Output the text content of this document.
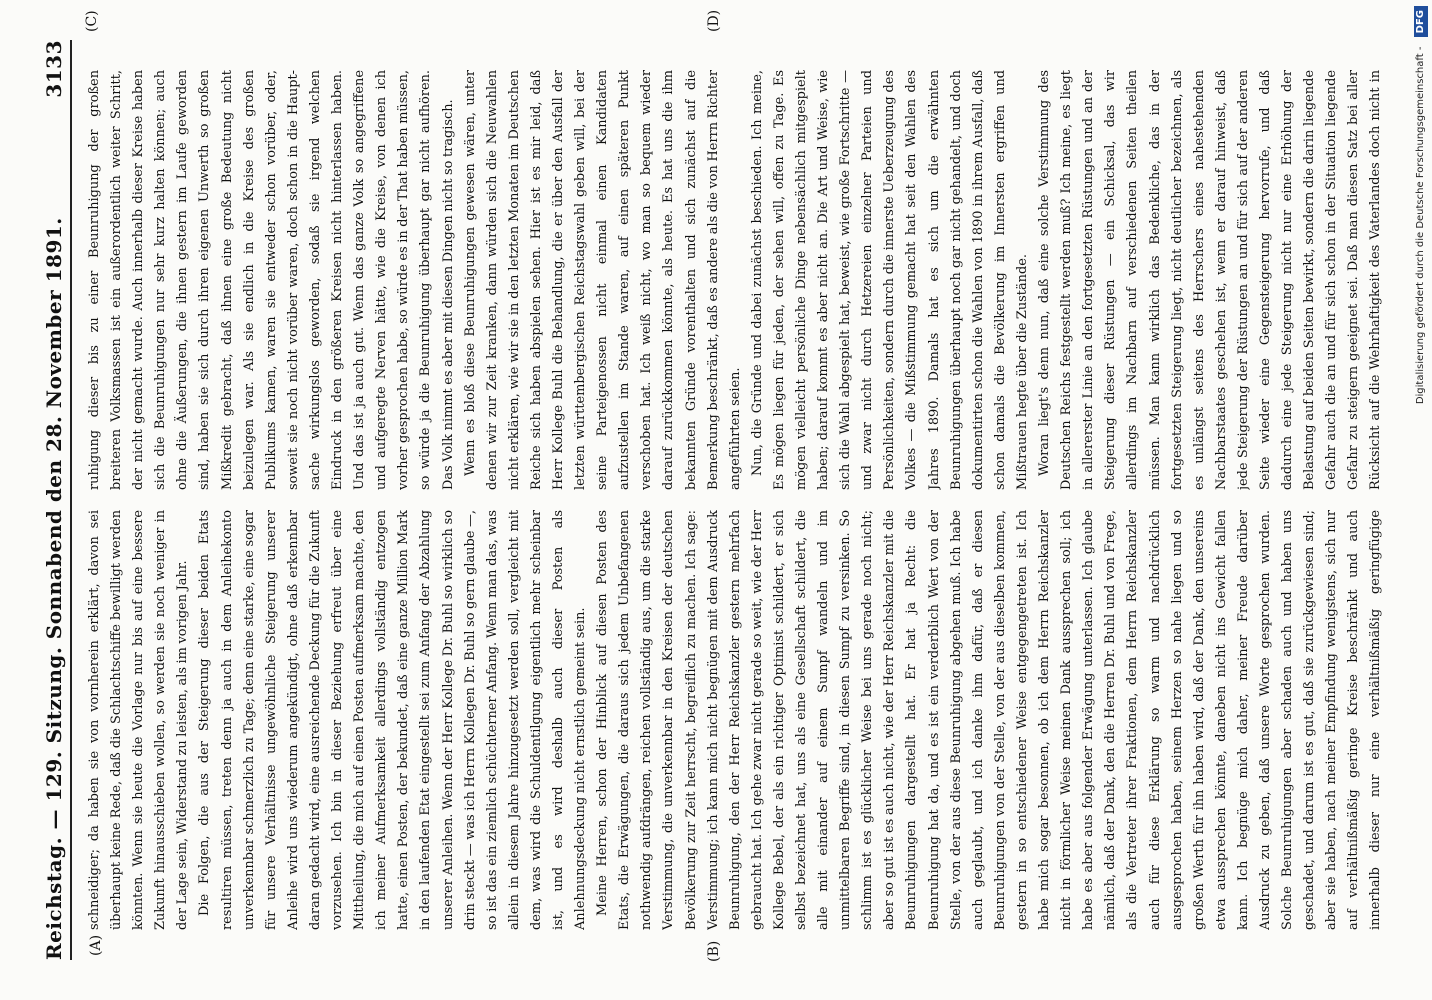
Reichstag. — 129. Sitzung. Sonnabend den 28. November 1891.
3133
(A)	(B)
(C)	(D)

schneidiger; da haben sie von vornherein erklärt, davon sei überhaupt keine Rede, daß die Schlachtschiffe bewilligt werden könnten. Wenn sie heute die Vorlage nur bis auf eine bessere Zukunft hinausschieben wollen, so werden sie noch weniger in der Lage sein, Widerstand zu leisten, als im vorigen Jahr. Die Folgen, die aus der Steigerung dieser beiden Etats resultiren müssen, treten denn ja auch in dem Anleihekonto unverkennbar schmerzlich zu Tage; denn eine starke, eine sogar für unsere Verhältnisse ungewöhnliche Steigerung unserer Anleihe wird uns wiederum angekündigt, ohne daß erkennbar daran gedacht wird, eine ausreichende Deckung für die Zukunft vorzusehen. Ich bin in dieser Beziehung erfreut über eine Mittheilung, die mich auf einen Posten aufmerksam machte, den ich meiner Aufmerksamkeit allerdings vollständig entzogen hatte, einen Posten, der bekundet, daß eine ganze Million Mark in den laufenden Etat eingestellt sei zum Anfang der Abzahlung unserer Anleihen. Wenn der Herr Kollege Dr. Buhl so wirklich so drin steckt — was ich Herrn Kollegen Dr. Buhl so gern glaube —, so ist das ein ziemlich schüchterner Anfang. Wenn man das, was allein in diesem Jahre hinzugesetzt werden soll, vergleicht mit dem, was wird die Schuldentilgung eigentlich mehr scheinbar ist, und es wird deshalb auch dieser Posten als Anlehnungsdeckung nicht ernstlich gemeint sein. Meine Herren, schon der Hinblick auf diesen Posten des Etats, die Erwägungen, die daraus sich jedem Unbefangenen nothwendig aufdrängen, reichen vollständig aus, um die starke Verstimmung, die unverkennbar in den Kreisen der deutschen Bevölkerung zur Zeit herrscht, begreiflich zu machen. Ich sage: Verstimmung; ich kann mich nicht begnügen mit dem Ausdruck Beunruhigung, den der Herr Reichskanzler gestern mehrfach gebraucht hat. Ich gehe zwar nicht gerade so weit, wie der Herr Kollege Bebel, der als ein richtiger Optimist schildert, er sich selbst bezeichnet hat, uns als eine Gesellschaft schildert, die alle mit einander auf einem Sumpf wandeln und im unmittelbaren Begriffe sind, in diesen Sumpf zu versinken. So schlimm ist es glücklicher Weise bei uns gerade noch nicht; aber so gut ist es auch nicht, wie der Herr Reichskanzler mit die Beunruhigungen dargestellt hat. Er hat ja Recht: die Beunruhigung hat da, und es ist ein verderblich Wert von der Stelle, von der aus diese Beunruhigung abgehen muß. Ich habe auch geglaubt, und ich danke ihm dafür, daß er diesen Beunruhigungen von der Stelle, von der aus dieselben kommen, gestern in so entschiedener Weise entgegengetreten ist. Ich habe mich sogar besonnen, ob ich dem Herrn Reichskanzler nicht in förmlicher Weise meinen Dank aussprechen soll; ich habe es aber aus folgender Erwägung unterlassen. Ich glaube nämlich, daß der Dank, den die Herren Dr. Buhl und von Frege, als die Vertreter ihrer Fraktionen, dem Herrn Reichskanzler auch für diese Erklärung so warm und nachdrücklich ausgesprochen haben, seinem Herzen so nahe liegen und so großen Werth für ihn haben wird, daß der Dank, den unsereins etwa aussprechen könnte, daneben nicht ins Gewicht fallen kann. Ich begnüge mich daher, meiner Freude darüber Ausdruck zu geben, daß unsere Worte gesprochen wurden. Solche Beunruhigungen aber schaden auch und haben uns geschadet, und darum ist es gut, daß sie zurückgewiesen sind; aber sie haben, nach meiner Empfindung wenigstens, sich nur auf verhältnißmäßig geringe Kreise beschränkt und auch innerhalb dieser nur eine verhältnißmäßig geringfügige

ruhigung dieser bis zu einer Beunruhigung der großen breiteren Volksmassen ist ein außerordentlich weiter Schritt, der nicht gemacht wurde. Auch innerhalb dieser Kreise haben sich die Beunruhigungen nur sehr kurz halten können; auch ohne die Äußerungen, die ihnen gestern im Laufe geworden sind, haben sie sich durch ihren eigenen Unwerth so großen Mißkredit gebracht, daß ihnen eine große Bedeutung nicht beizulegen war. Als sie endlich in die Kreise des großen Publikums kamen, waren sie entweder schon vorüber, oder, soweit sie noch nicht vorüber waren, doch schon in die Haupt-sache wirkungslos geworden, sodaß sie irgend welchen Eindruck in den größeren Kreisen nicht hinterlassen haben. Und das ist ja auch gut. Wenn das ganze Volk so angegriffene und aufgeregte Nerven hätte, wie die Kreise, von denen ich vorher gesprochen habe, so würde es in der That haben müssen, so würde ja die Beunruhigung überhaupt gar nicht aufhören. Das Volk nimmt es aber mit diesen Dingen nicht so tragisch. Wenn es bloß diese Beunruhigungen gewesen wären, unter denen wir zur Zeit kranken, dann würden sich die Neuwahlen nicht erklären, wie wir sie in den letzten Monaten im Deutschen Reiche sich haben abspielen sehen. Hier ist es mir leid, daß Herr Kollege Buhl die Behandlung, die er über den Ausfall der letzten württembergischen Reichstagswahl geben will, bei der seine Parteigenossen nicht einmal einen Kandidaten aufzustellen im Stande waren, auf einen späteren Punkt verschoben hat. Ich weiß nicht, wo man so bequem wieder darauf zurückkommen könnte, als heute. Es hat uns die ihm bekannten Gründe vorenthalten und sich zunächst auf die Bemerkung beschränkt, daß es andere als die von Herrn Richter angeführten seien. Nun, die Gründe und dabei zunächst beschieden. Ich meine, Es mögen liegen für jeden, der sehen will, offen zu Tage. Es mögen vielleicht persönliche Dinge nebensächlich mitgespielt haben; darauf kommt es aber nicht an. Die Art und Weise, wie sich die Wahl abgespielt hat, beweist, wie große Fortschritte — und zwar nicht durch Hetzereien einzelner Parteien und Persönlichkeiten, sondern durch die innerste Ueberzeugung des Volkes — die Mißstimmung gemacht hat seit den Wahlen des Jahres 1890. Damals hat es sich um die erwähnten Beunruhigungen überhaupt noch gar nicht gehandelt, und doch dokumentirten schon die Wahlen von 1890 in ihrem Ausfall, daß schon damals die Bevölkerung im Innersten ergriffen und Mißtrauen hegte über die Zustände. Woran liegt's denn nun, daß eine solche Verstimmung des Deutschen Reichs festgestellt werden muß? Ich meine, es liegt in allererster Linie an den fortgesetzten Rüstungen und an der Steigerung dieser Rüstungen — ein Schicksal, das wir allerdings im Nachbarn auf verschiedenen Seiten theilen müssen. Man kann wirklich das Bedenkliche, das in der fortgesetzten Steigerung liegt, nicht deutlicher bezeichnen, als es unlängst seitens des Herrschers eines nahestehenden Nachbarstaates geschehen ist, wenn er darauf hinweist, daß jede Steigerung der Rüstungen an und für sich auf der anderen Seite wieder eine Gegensteigerung hervorrufe, und daß dadurch eine jede Steigerung nicht nur eine Erhöhung der Belastung auf beiden Seiten bewirkt, sondern die darin liegende Gefahr auch die an und für sich schon in der Situation liegende Gefahr zu steigern geeignet sei. Daß man diesen Satz bei aller Rücksicht auf die Wehrhaftigkeit des Vaterlandes doch nicht in	Digitalisierung gefördert durch die Deutsche Forschungsgemeinschaft - DFG
